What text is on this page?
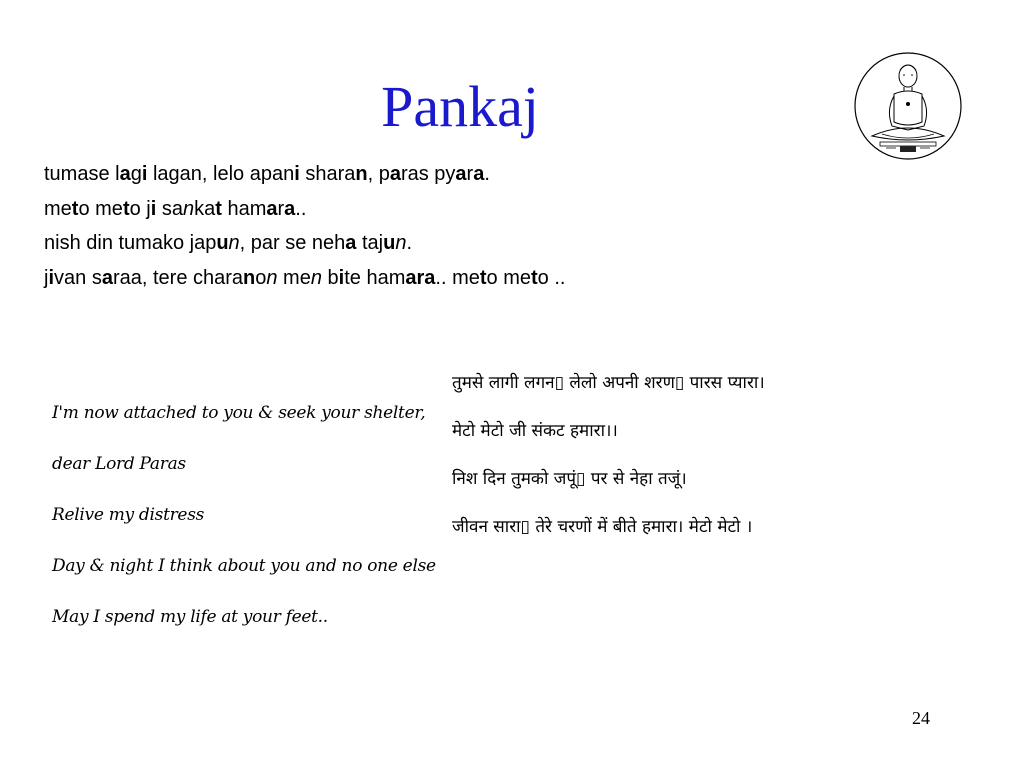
Pankaj
tumase lagi lagan, lelo apani sharan, paras pyara.
meto meto ji sankat hamara..
nish din tumako japun, par se neha tajun.
jivan saraa, tere charanon men bite hamara.. meto meto ..
I'm now attached to you & seek your shelter,
dear Lord Paras
Relive my distress
Day & night I think about you and no one else
May I spend my life at your feet..
तुमसे लागी लगन▯ लेलो अपनी शरण▯ पारस प्यारा।
मेटो मेटो जी संकट हमारा।।
निश दिन तुमको जपूं▯ पर से नेहा तजूं।
जीवन सारा▯ तेरे चरणों में बीते हमारा। मेटो मेटो ।
24
